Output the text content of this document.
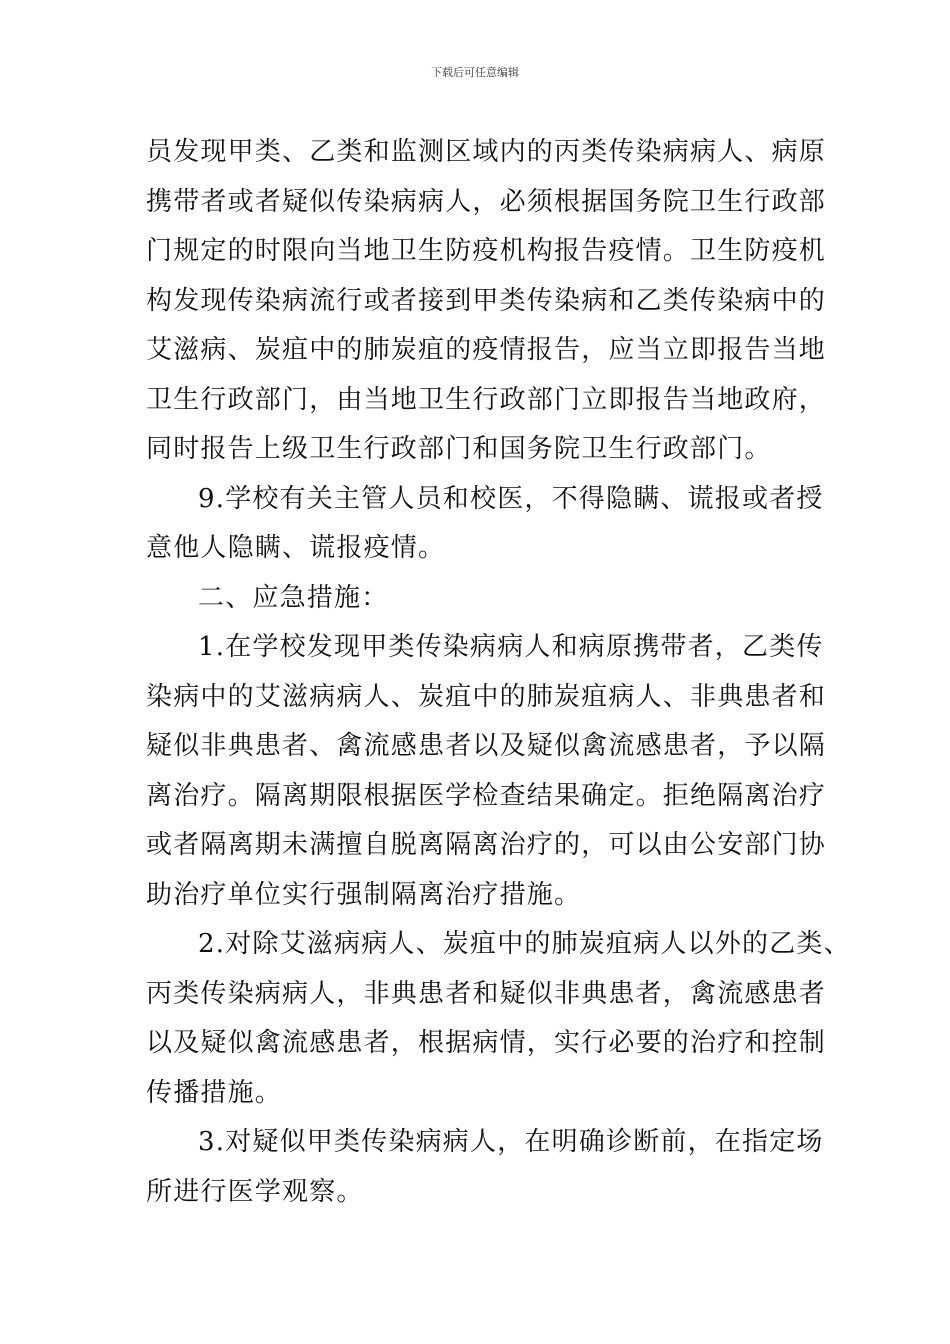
下载后可任意编辑
员发现甲类、乙类和监测区域内的丙类传染病病人、病原
携带者或者疑似传染病病人，必须根据国务院卫生行政部
门规定的时限向当地卫生防疫机构报告疫情。卫生防疫机
构发现传染病流行或者接到甲类传染病和乙类传染病中的
艾滋病、炭疽中的肺炭疽的疫情报告，应当立即报告当地
卫生行政部门，由当地卫生行政部门立即报告当地政府，
同时报告上级卫生行政部门和国务院卫生行政部门。
9.学校有关主管人员和校医，不得隐瞒、谎报或者授
意他人隐瞒、谎报疫情。
二、应急措施：
1.在学校发现甲类传染病病人和病原携带者，乙类传
染病中的艾滋病病人、炭疽中的肺炭疽病人、非典患者和
疑似非典患者、禽流感患者以及疑似禽流感患者，予以隔
离治疗。隔离期限根据医学检查结果确定。拒绝隔离治疗
或者隔离期未满擅自脱离隔离治疗的，可以由公安部门协
助治疗单位实行强制隔离治疗措施。
2.对除艾滋病病人、炭疽中的肺炭疽病人以外的乙类、
丙类传染病病人，非典患者和疑似非典患者，禽流感患者
以及疑似禽流感患者，根据病情，实行必要的治疗和控制
传播措施。
3.对疑似甲类传染病病人，在明确诊断前，在指定场
所进行医学观察。
